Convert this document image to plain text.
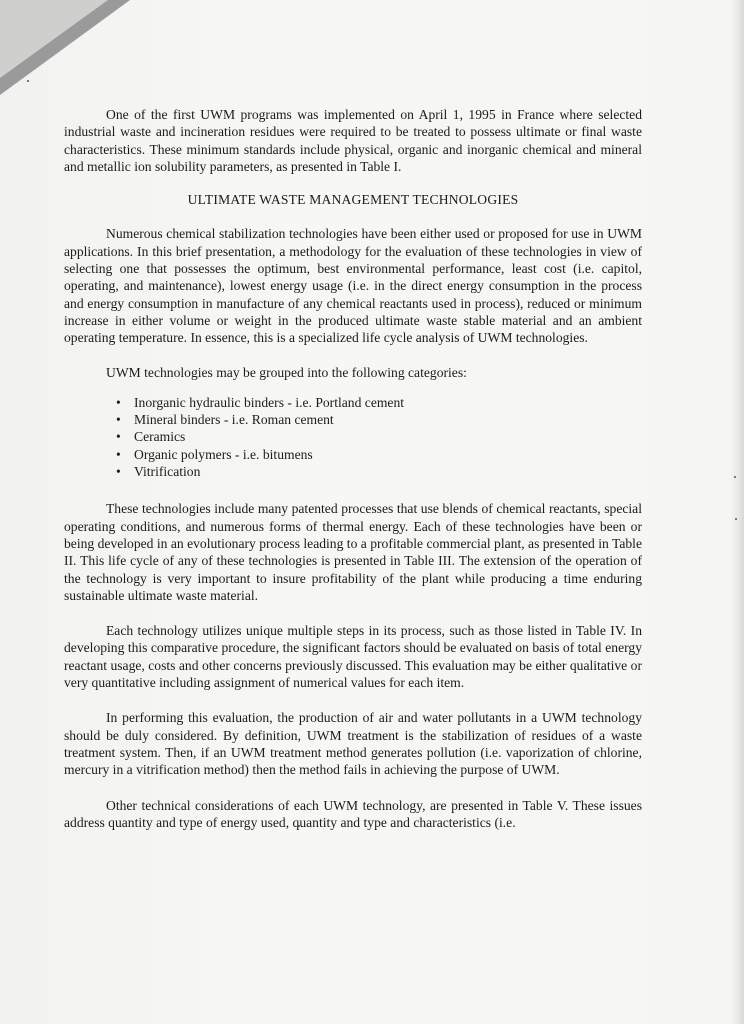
One of the first UWM programs was implemented on April 1, 1995 in France where selected industrial waste and incineration residues were required to be treated to possess ultimate or final waste characteristics. These minimum standards include physical, organic and inorganic chemical and mineral and metallic ion solubility parameters, as presented in Table I.

ULTIMATE WASTE MANAGEMENT TECHNOLOGIES

Numerous chemical stabilization technologies have been either used or proposed for use in UWM applications. In this brief presentation, a methodology for the evaluation of these technologies in view of selecting one that possesses the optimum, best environmental performance, least cost (i.e. capitol, operating, and maintenance), lowest energy usage (i.e. in the direct energy consumption in the process and energy consumption in manufacture of any chemical reactants used in process), reduced or minimum increase in either volume or weight in the produced ultimate waste stable material and an ambient operating temperature. In essence, this is a specialized life cycle analysis of UWM technologies.

UWM technologies may be grouped into the following categories:

• Inorganic hydraulic binders - i.e. Portland cement
• Mineral binders - i.e. Roman cement
• Ceramics
• Organic polymers - i.e. bitumens
• Vitrification

These technologies include many patented processes that use blends of chemical reactants, special operating conditions, and numerous forms of thermal energy. Each of these technologies have been or being developed in an evolutionary process leading to a profitable commercial plant, as presented in Table II. This life cycle of any of these technologies is presented in Table III. The extension of the operation of the technology is very important to insure profitability of the plant while producing a time enduring sustainable ultimate waste material.

Each technology utilizes unique multiple steps in its process, such as those listed in Table IV. In developing this comparative procedure, the significant factors should be evaluated on basis of total energy reactant usage, costs and other concerns previously discussed. This evaluation may be either qualitative or very quantitative including assignment of numerical values for each item.

In performing this evaluation, the production of air and water pollutants in a UWM technology should be duly considered. By definition, UWM treatment is the stabilization of residues of a waste treatment system. Then, if an UWM treatment method generates pollution (i.e. vaporization of chlorine, mercury in a vitrification method) then the method fails in achieving the purpose of UWM.

Other technical considerations of each UWM technology, are presented in Table V. These issues address quantity and type of energy used, quantity and type and characteristics (i.e.
